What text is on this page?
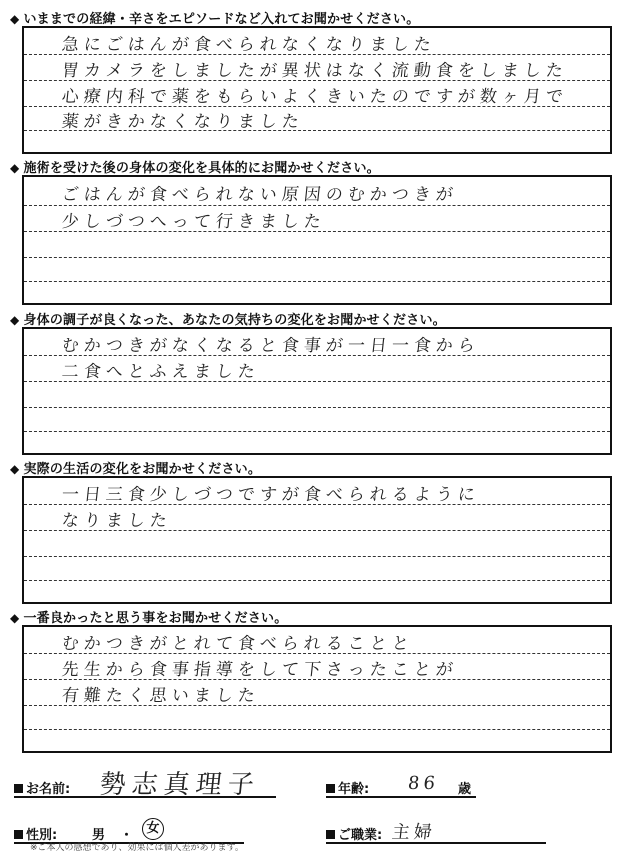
◆ いままでの経緯・辛さをエピソードなど入れてお聞かせください。
急にごはんが食べられなくなりました
胃カメラをしましたが異状はなく流動食をしました
心療内科で薬をもらいよくきいたのですが数ヶ月で
薬がきかなくなりました
◆ 施術を受けた後の身体の変化を具体的にお聞かせください。
ごはんが食べられない原因のむかつきが
少しづつへって行きました
◆ 身体の調子が良くなった、あなたの気持ちの変化をお聞かせください。
むかつきがなくなると食事が一日一食から
二食へとふえました
◆ 実際の生活の変化をお聞かせください。
一日三食少しづつですが食べられるように
なりました
◆ 一番良かったと思う事をお聞かせください。
むかつきがとれて食べられることと
先生から食事指導をして下さったことが
有難たく思いました
お名前: 勢志真理子	年齢: 86 歳
性別:	男 ・	女	ご職業: 主婦
※ご本人の感想であり、効果には個人差があります。
